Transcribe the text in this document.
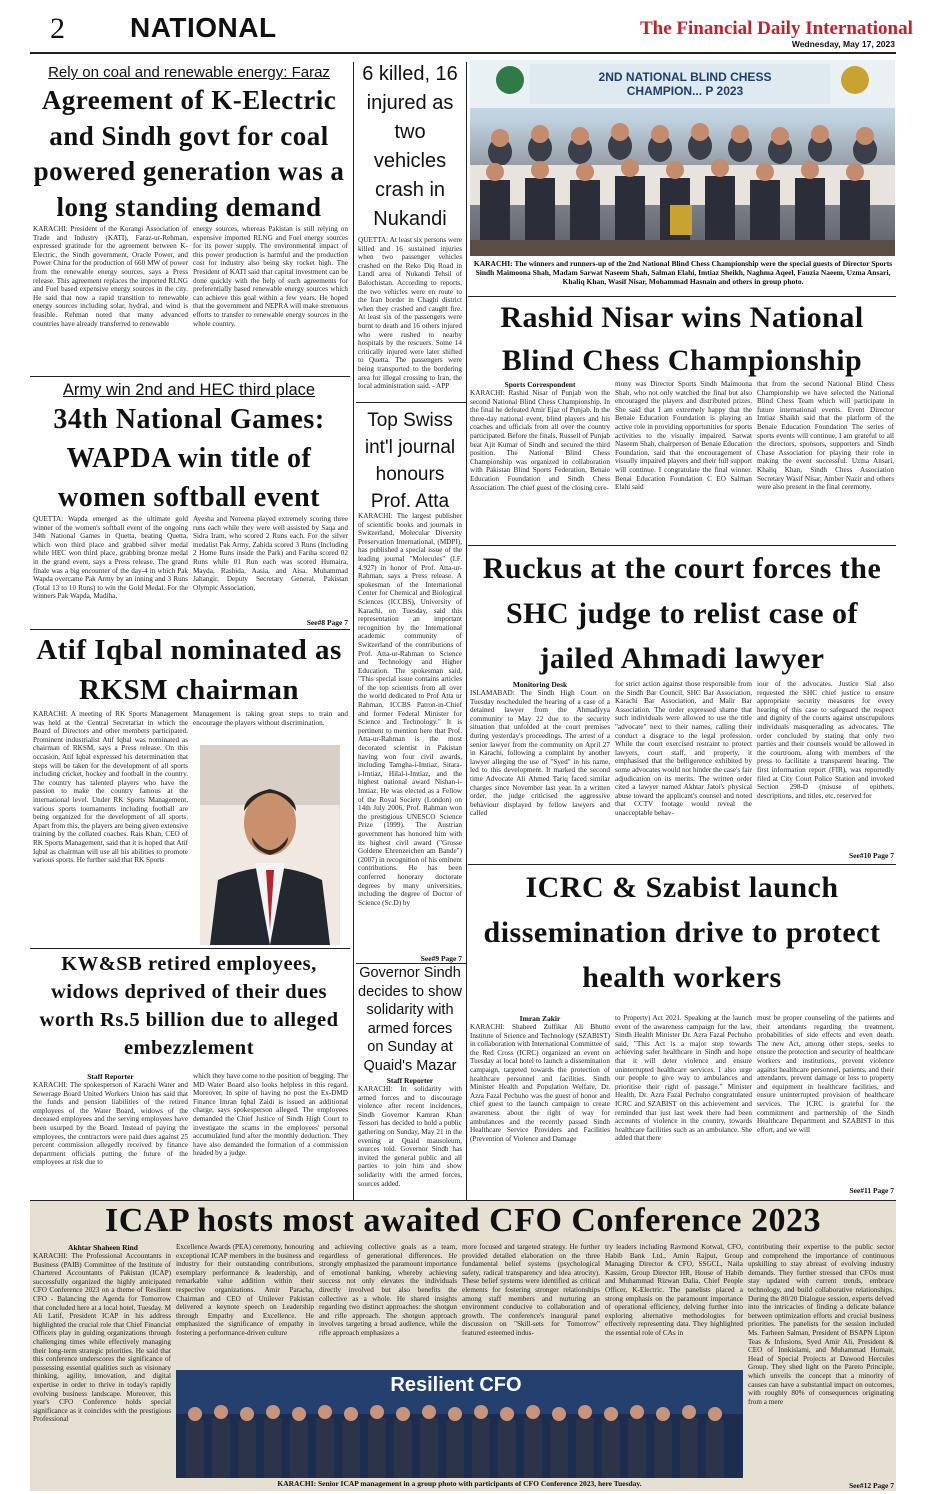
2 NATIONAL	The Financial Daily International
Wednesday, May 17, 2023
Rely on coal and renewable energy: Faraz
Agreement of K-Electric and Sindh govt for coal powered generation was a long standing demand
KARACHI: President of the Korangi Association of Trade and Industry (KATI), Faraz-ur-Rehman, expressed gratitude for the agreement between K-Electric, the Sindh government, Oracle Power, and Power China for the production of 660 MW of power from the renewable energy sources, says a Press release. This agreement replaces the imported RLNG and Fuel based expensive energy sources in the city. He said that now a rapid transition to renewable energy sources including solar, hydral, and wind is feasible. Rehman noted that many advanced countries have already transferred to renewable
energy sources, whereas Pakistan is still relying on expensive imported RLNG and Fuel energy sources for its power supply. The environmental impact of this power production is harmful and the production cost for industry also being sky rocket high. The President of KATI said that capital investment can be done quickly with the help of such agreements for preferentially based renewable energy sources which can achieve this goal within a few years. He hoped that the government and NEPRA will make strenuous efforts to transfer to renewable energy sources in the whole country.
6 killed, 16 injured as two vehicles crash in Nukandi
QUETTA: At least six persons were killed and 16 sustained injuries when two passenger vehicles crashed on the Reko Diq Road in Landi area of Nukandi Tehsil of Balochistan. According to reports, the two vehicles were en route to the Iran border in Chaghi district when they crashed and caught fire. At least six of the passengers were burnt to death and 16 others injured who were rushed to nearby hospitals by the rescuers. Some 14 critically injured were later shifted to Quetta. The passengers were being transported to the bordering area for illegal crossing to Iran, the local administration said. - APP
2ND NATIONAL BLIND CHESS CHAMPION... P 2023
KARACHI: The winners and runners-up of the 2nd National Blind Chess Championship were the special guests of Director Sports Sindh Maimoona Shah, Madam Sarwat Naseem Shah, Salman Elahi, Imtiaz Sheikh, Naghma Aqeel, Fauzia Naeem, Uzma Ansari, Khaliq Khan, Wasif Nisar, Mohammad Hasnain and others in group photo.
Rashid Nisar wins National Blind Chess Championship
Sports Correspondent
KARACHI: Rashid Nisar of Punjab won the second National Blind Chess Championship. In the final he defeated Amir Ejaz of Punjab. In the three-day national event, blind players and his coaches and officials from all over the country participated. Before the finals, Russell of Punjab beat Ajit Kumar of Sindh and secured the third position. The National Blind Chess Championship was organized in collaboration with Pakistan Blind Sports Federation, Benaie Education Foundation and Sindh Chess Association. The chief guest of the closing cere-
mony was Director Sports Sindh Maimoona Shah, who not only watched the final but also encouraged the players and distributed prizes. She said that I am extremely happy that the Benaie Education Foundation is playing an active role in providing opportunities for sports activities to the visually impaired. Sarwat Naseem Shah, chairperson of Benaie Education Foundation, said that the encouragement of visually impaired players and their full support will continue. I congratulate the final winner. Benai Education Foundation C EO Salman Elahi said
that from the second National Blind Chess Championship we have selected the National Blind Chess Team which will participate in future international events. Event Director Imtiaz Shaikh said that the platform of the Benaie Education Foundation The series of sports events will continue, I am grateful to all the directors, sponsors, supporters and Sindh Chase Association for playing their role in making the event successful. Uzma Ansari, Khaliq Khan, Sindh Chess Association Secretary Wasif Nisar, Amber Nazir and others were also present in the final ceremony.
Army win 2nd and HEC third place
34th National Games: WAPDA win title of women softball event
QUETTA: Wapda emerged as the ultimate gold winner of the women's softball event of the ongoing 34th National Games in Quetta, beating Quetta, which won third place and grabbed silver medal while HEC won third place, grabbing bronze medal in the grand event, says a Press release. The grand finale was a big encounter of the day-4 in which Pak Wapda overcame Pak Army by an inning and 3 Runs (Total 13 to 10 Runs) to win the Gold Medal. For the winners Pak Wapda, Madiha,
Ayesha and Noreena played extremely scoring three runs each while they were well assisted by Saqa and Sidra Iram, who scored 2 Runs each. For the silver medalist Pak Army, Zahida scored 3 Runs (Including 2 Home Runs inside the Park) and Fariha scored 02 Runs while 01 Run each was scored Humaira, Mayda, Rashida, Aasia, and Aisa. Muhammad Jahangir, Deputy Secretary General, Pakistan Olympic Association,
See#8 Page 7
Top Swiss int'l journal honours Prof. Atta
KARACHI: The largest publisher of scientific books and journals in Switzerland, Molecular Diversity Preservation International, (MDPI), has published a special issue of the leading journal "Molecules" (I.F. 4.927) in honor of Prof. Atta-ur-Rahman, says a Press release. A spokesman of the International Center for Chemical and Biological Sciences (ICCBS), University of Karachi, on Tuesday, said this representation an important recognition by the International academic community of Switzerland of the contributions of Prof. Atta-ur-Rahman to Science and Technology and Higher Education. The spokesman said, "This special issue contains articles of the top scientists from all over the world dedicated to Prof Atta ur Rahman, ICCBS Patron-in-Chief and former Federal Minister for Science and Technology." It is pertinent to mention here that Prof. Atta-ur-Rahman is the most decorated scientist in Pakistan having won four civil awards, including Tamgha-i-Imtiaz, Sitara-i-Imtiaz, Hilal-i-Imtiaz, and the highest national award Nishan-i-Imtiaz. He was elected as a Fellow of the Royal Society (London) on 14th July 2006, Prof. Rahman won the prestigious UNESCO Science Prize (1999). The Austrian government has honored him with its highest civil award ("Grosse Goldene Ehrenzeichen am Bande") (2007) in recognition of his eminent contributions. He has been conferred honorary doctorate degrees by many universities, including the degree of Doctor of Science (Sc.D) by
See#9 Page 7
Ruckus at the court forces the SHC judge to relist case of jailed Ahmadi lawyer
Monitoring Desk
ISLAMABAD: The Sindh High Court on Tuesday rescheduled the hearing of a case of a detained lawyer from the Ahmadiyya community to May 22 due to the security situation that unfolded at the court premises during yesterday's proceedings. The arrest of a senior lawyer from the community on April 27 in Karachi, following a complaint by another lawyer alleging the use of "Syed" in his name, led to this development. It marked the second time Advocate Ali Ahmed Tariq faced similar charges since November last year. In a written order, the judge criticised the aggressive behaviour displayed by fellow lawyers and called
for strict action against those responsible from the Sindh Bar Council, SHC Bar Association, Karachi Bar Association, and Malir Bar Association. The order expressed shame that such individuals were allowed to use the title "advocate" next to their names, calling their conduct a disgrace to the legal profession. While the court exercised restraint to protect lawyers, court staff, and property, it emphasised that the belligerence exhibited by some advocates would not hinder the case's fair adjudication on its merits. The written order cited a lawyer named Akhtar Jatoi's physical abuse toward the applicant's counsel and noted that CCTV footage would reveal the unacceptable behav-
iour of the advocates. Justice Sial also requested the SHC chief justice to ensure appropriate security measures for every hearing of this case to safeguard the respect and dignity of the courts against unscrupulous individuals masquerading as advocates. The order concluded by stating that only two parties and their counsels would be allowed in the courtroom, along with members of the press to facilitate a transparent hearing. The first information report (FIR), was reportedly filed at City Court Police Station and invoked Section 298-D (misuse of epithets, descriptions, and titles, etc, reserved for
See#10 Page 7
Atif Iqbal nominated as RKSM chairman
KARACHI: A meeting of RK Sports Management was held at the Central Secretariat in which the Board of Directors and other members participated. Prominent industrialist Atif Iqbal was nominated as chairman of RKSM, says a Press release. On this occasion, Atif Iqbal expressed his determination that steps will be taken for the development of all sports including cricket, hockey and football in the country. The country has talented players who have the passion to make the country famous at the international level. Under RK Sports Management, various sports tournaments including football are being organized for the development of all sports. Apart from this, the players are being given extensive training by the collated coaches. Rais Khan, CEO of RK Sports Management, said that it is hoped that Atif Iqbal as chairman will use all his abilities to promote various sports. He further said that RK Sports
Management is taking great steps to train and encourage the players without discrimination.
ICRC & Szabist launch dissemination drive to protect health workers
Imran Zakir
KARACHI: Shaheed Zulfikar Ali Bhutto Institute of Science and Technology (SZABIST) in collaboration with International Committee of the Red Cross (ICRC) organized an event on Tuesday at local hotel to launch a dissemination campaign, targeted towards the protection of healthcare personnel and facilities. Sindh Minister Health and Population Welfare, Dr. Azra Fazal Pechuho was the guest of honor and chief guest to the launch campaign to create awareness about the right of way for ambulances and the recently passed Sindh Healthcare Service Providers and Facilities (Prevention of Violence and Damage
to Property) Act 2021. Speaking at the launch event of the awareness campaign for the law, Sindh Health Minister Dr. Azra Fazal Pechuho said, "This Act is a major step towards achieving safer healthcare in Sindh and hope that it will deter violence and ensure uninterrupted healthcare services. I also urge our people to give way to ambulances and prioritise their right of passage." Minister Health, Dr. Azra Fazal Pechuho congratulated ICRC and SZABIST on this achievement and reminded that just last week there had been accounts of violence in the country, towards healthcare facilities such as an ambulance. She added that there
must be proper counseling of the patients and their attendants regarding the treatment, probabilities of side effects and even death. The new Act, among other steps, seeks to ensure the protection and security of healthcare workers and institutions, prevent violence against healthcare personnel, patients, and their attendants, prevent damage or loss to property and equipment in healthcare facilities, and ensure uninterrupted provision of healthcare services. The ICRC is grateful for the commitment and partnership of the Sindh Healthcare Department and SZABIST in this effort, and we will
See#11 Page 7
KW&SB retired employees, widows deprived of their dues worth Rs.5 billion due to alleged embezzlement
Staff Reporter
KARACHI: The spokesperson of Karachi Water and Sewerage Board United Workers Union has said that the funds and pension liabilities of the retired employees of the Water Board, widows of the deceased employees and the serving employees have been usurped by the Board. Instead of paying the employees, the contractors were paid dues against 25 percent commission allegedly received by finance department officials putting the future of the employees at risk due to
which they have come to the position of begging. The MD Water Board also looks helpless in this regard. Moreover, In spite of having no post the Ex-DMD Finance Imran Iqbal Zaidi is issued an additional charge, says spokesperson alleged. The employees demanded the Chief Justice of Sindh High Court to investigate the scams in the employees' personal accumulated fund after the monthly deduction. They have also demanded the formation of a commission headed by a judge.
Governor Sindh decides to show solidarity with armed forces on Sunday at Quaid's Mazar
Staff Reporter
KARACHI: In solidarity with armed forces and to discourage violence after recent incidences, Sindh Governor Kamran Khan Tessori has decided to hold a public gathering on Sunday, May 21 in the evening at Quaid mausoleum, sources told. Governor Sindh has invited the general public and all parties to join him and show solidarity with the armed forces, sources added.
ICAP hosts most awaited CFO Conference 2023
Akhtar Shaheen Rind
KARACHI: The Professional Accountants in Business (PAIB) Committee of the Institute of Chartered Accountants of Pakistan (ICAP) successfully organized the highly anticipated CFO Conference 2023 on a theme of Resilient CFO - Balancing the Agenda for Tomorrow that concluded here at a local hotel, Tuesday. M Ali Latif, President ICAP in his address highlighted the crucial role that Chief Financial Officers play in guiding organizations through challenging times while effectively managing their long-term strategic priorities. He said that this conference underscores the significance of possessing essential qualities such as visionary thinking, agility, innovation, and digital expertise in order to thrive in today's rapidly evolving business landscape. Moreover, this year's CFO Conference holds special significance as it coincides with the prestigious Professional
Excellence Awards (PEA) ceremony, honouring exceptional ICAP members in the business and industry for their outstanding contributions, exemplary performance & leadership, and remarkable value addition within their respective organizations. Amir Paracha, Chairman and CEO of Unilever Pakistan delivered a keynote speech on Leadership through Empathy and Excellence. He emphasized the significance of empathy in fostering a performance-driven culture
and achieving collective goals as a team, regardless of generational differences. He strongly emphasized the paramount importance of emotional banking, whereby achieving success not only elevates the individuals directly involved but also benefits the collective as a whole. He shared insights regarding two distinct approaches: the shotgun and rifle approach. The shotgun approach involves targeting a broad audience, while the rifle approach emphasizes a
more focused and targeted strategy. He further provided detailed elaboration on the three fundamental belief systems (psychological safety, radical transparency and idea atrocity). These belief systems were identified as critical elements for fostering stronger relationships among staff members and nurturing an environment conducive to collaboration and growth. The conference's inaugural panel discussion on "Skill-sets for Tomorrow" featured esteemed indus-
try leaders including Ravmond Kotwal, CFO, Habib Bank Ltd., Amin Rajput, Group Managing Director & CFO, SSGCL, Naila Kassim, Group Director HR, House of Habib and Muhammad Rizwan Dalia, Chief People Officer, K-Electric. The panelists placed a strong emphasis on the paramount importance of operational efficiency, delving further into exploring alternative methodologies for effectively representing data. They highlighted the essential role of CAs in
contributing their expertise to the public sector and comprehend the importance of continuous upskilling to stay abreast of evolving industry demands. They further stressed that CFOs must stay updated with current trends, embrace technology, and build collaborative relationships. During the 80/20 Dialogue session, experts delved into the intricacies of finding a delicate balance between optimization efforts and crucial business priorities. The panelists for the session included Ms. Farheen Salman, President of BSAPN Lipton Teas & Infusions, Syed Amir Ali, President & CEO of Innkislami, and Muhammad Humair, Head of Special Projects at Dawood Hercules Group. They shed light on the Pareto Principle, which unveils the concept that a minority of causes can have a substantial impact on outcomes, with roughly 80% of consequences originating from a mere
See#12 Page 7
Resilient CFO
KARACHI: Senior ICAP management in a group photo with participants of CFO Conference 2023, here Tuesday.
